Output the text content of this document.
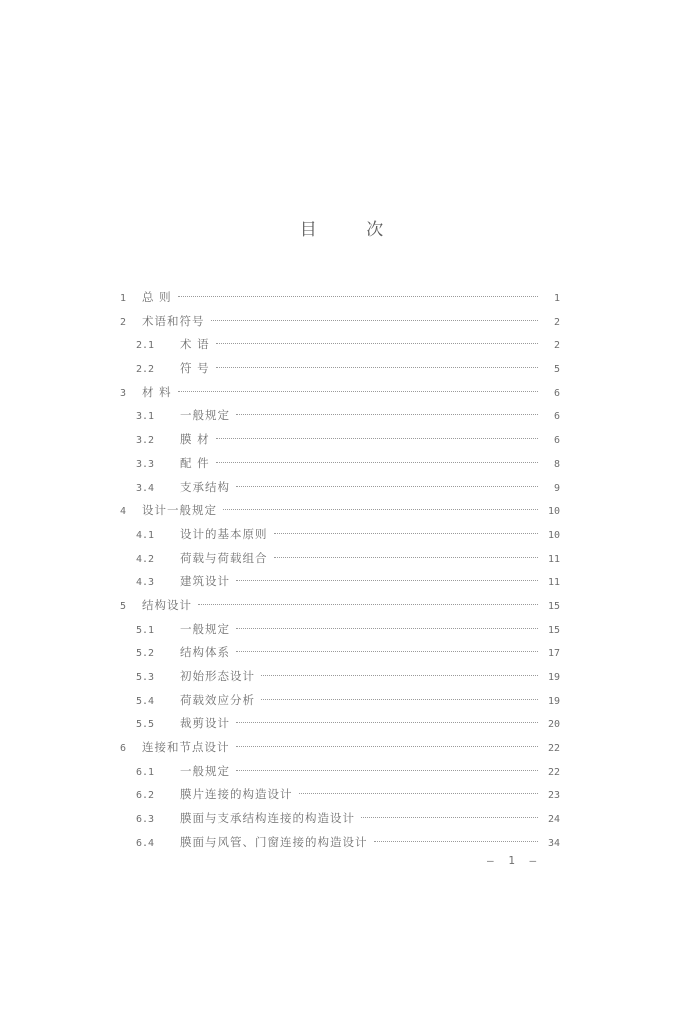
目 次
1	总 则	1
2	术语和符号	2
2.1	术 语	2
2.2	符 号	5
3	材 料	6
3.1	一般规定	6
3.2	膜 材	6
3.3	配 件	8
3.4	支承结构	9
4	设计一般规定	10
4.1	设计的基本原则	10
4.2	荷载与荷载组合	11
4.3	建筑设计	11
5	结构设计	15
5.1	一般规定	15
5.2	结构体系	17
5.3	初始形态设计	19
5.4	荷载效应分析	19
5.5	裁剪设计	20
6	连接和节点设计	22
6.1	一般规定	22
6.2	膜片连接的构造设计	23
6.3	膜面与支承结构连接的构造设计	24
6.4	膜面与风管、门窗连接的构造设计	34
— 1 —
